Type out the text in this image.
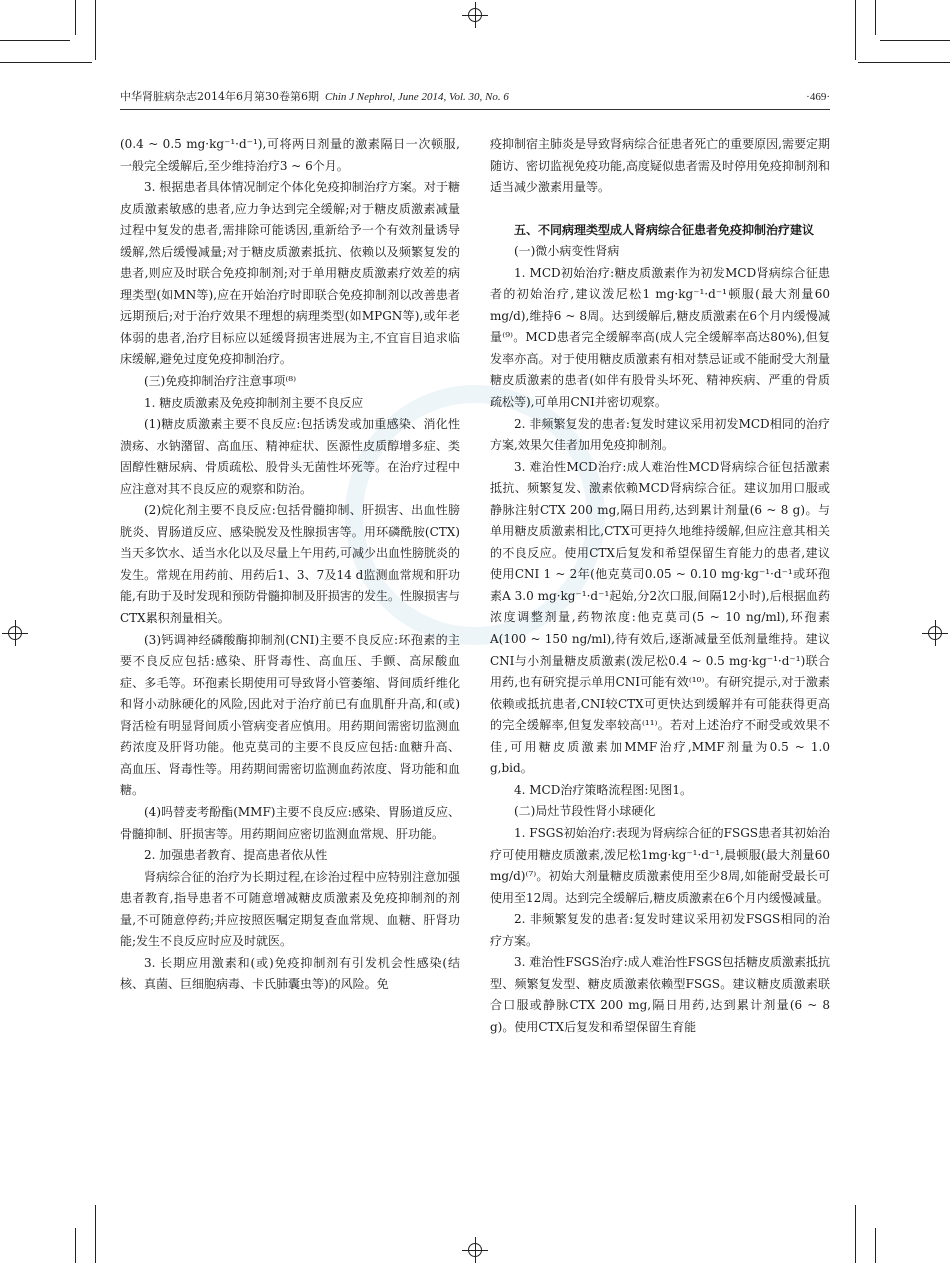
中华肾脏病杂志2014年6月第30卷第6期 Chin J Nephrol, June 2014, Vol. 30, No. 6	·469·

(0.4 ~ 0.5 mg·kg⁻¹·d⁻¹),可将两日剂量的激素隔日一次顿服,一般完全缓解后,至少维持治疗3 ~ 6个月。

3. 根据患者具体情况制定个体化免疫抑制治疗方案。对于糖皮质激素敏感的患者,应力争达到完全缓解;对于糖皮质激素减量过程中复发的患者,需排除可能诱因,重新给予一个有效剂量诱导缓解,然后缓慢减量;对于糖皮质激素抵抗、依赖以及频繁复发的患者,则应及时联合免疫抑制剂;对于单用糖皮质激素疗效差的病理类型(如MN等),应在开始治疗时即联合免疫抑制剂以改善患者远期预后;对于治疗效果不理想的病理类型(如MPGN等),或年老体弱的患者,治疗目标应以延缓肾损害进展为主,不宜盲目追求临床缓解,避免过度免疫抑制治疗。

(三)免疫抑制治疗注意事项⁽⁸⁾

1. 糖皮质激素及免疫抑制剂主要不良反应

(1)糖皮质激素主要不良反应:包括诱发或加重感染、消化性溃疡、水钠潴留、高血压、精神症状、医源性皮质醇增多症、类固醇性糖尿病、骨质疏松、股骨头无菌性坏死等。在治疗过程中应注意对其不良反应的观察和防治。

(2)烷化剂主要不良反应:包括骨髓抑制、肝损害、出血性膀胱炎、胃肠道反应、感染脱发及性腺损害等。用环磷酰胺(CTX)当天多饮水、适当水化以及尽量上午用药,可减少出血性膀胱炎的发生。常规在用药前、用药后1、3、7及14 d监测血常规和肝功能,有助于及时发现和预防骨髓抑制及肝损害的发生。性腺损害与CTX累积剂量相关。

(3)钙调神经磷酸酶抑制剂(CNI)主要不良反应:环孢素的主要不良反应包括:感染、肝肾毒性、高血压、手颤、高尿酸血症、多毛等。环孢素长期使用可导致肾小管萎缩、肾间质纤维化和肾小动脉硬化的风险,因此对于治疗前已有血肌酐升高,和(或)肾活检有明显肾间质小管病变者应慎用。用药期间需密切监测血药浓度及肝肾功能。他克莫司的主要不良反应包括:血糖升高、高血压、肾毒性等。用药期间需密切监测血药浓度、肾功能和血糖。

(4)吗替麦考酚酯(MMF)主要不良反应:感染、胃肠道反应、骨髓抑制、肝损害等。用药期间应密切监测血常规、肝功能。

2. 加强患者教育、提高患者依从性

肾病综合征的治疗为长期过程,在诊治过程中应特别注意加强患者教育,指导患者不可随意增减糖皮质激素及免疫抑制剂的剂量,不可随意停药;并应按照医嘱定期复查血常规、血糖、肝肾功能;发生不良反应时应及时就医。

3. 长期应用激素和(或)免疫抑制剂有引发机会性感染(结核、真菌、巨细胞病毒、卡氏肺囊虫等)的风险。免

疫抑制宿主肺炎是导致肾病综合征患者死亡的重要原因,需要定期随访、密切监视免疫功能,高度疑似患者需及时停用免疫抑制剂和适当减少激素用量等。

五、不同病理类型成人肾病综合征患者免疫抑制治疗建议

(一)微小病变性肾病

1. MCD初始治疗:糖皮质激素作为初发MCD肾病综合征患者的初始治疗,建议泼尼松1 mg·kg⁻¹·d⁻¹顿服(最大剂量60 mg/d),维持6 ~ 8周。达到缓解后,糖皮质激素在6个月内缓慢减量⁽⁹⁾。MCD患者完全缓解率高(成人完全缓解率高达80%),但复发率亦高。对于使用糖皮质激素有相对禁忌证或不能耐受大剂量糖皮质激素的患者(如伴有股骨头坏死、精神疾病、严重的骨质疏松等),可单用CNI并密切观察。

2. 非频繁复发的患者:复发时建议采用初发MCD相同的治疗方案,效果欠佳者加用免疫抑制剂。

3. 难治性MCD治疗:成人难治性MCD肾病综合征包括激素抵抗、频繁复发、激素依赖MCD肾病综合征。建议加用口服或静脉注射CTX 200 mg,隔日用药,达到累计剂量(6 ~ 8 g)。与单用糖皮质激素相比,CTX可更持久地维持缓解,但应注意其相关的不良反应。使用CTX后复发和希望保留生育能力的患者,建议使用CNI 1 ~ 2年(他克莫司0.05 ~ 0.10 mg·kg⁻¹·d⁻¹或环孢素A 3.0 mg·kg⁻¹·d⁻¹起始,分2次口服,间隔12小时),后根据血药浓度调整剂量,药物浓度:他克莫司(5 ~ 10 ng/ml),环孢素A(100 ~ 150 ng/ml),待有效后,逐渐减量至低剂量维持。建议CNI与小剂量糖皮质激素(泼尼松0.4 ~ 0.5 mg·kg⁻¹·d⁻¹)联合用药,也有研究提示单用CNI可能有效⁽¹⁰⁾。有研究提示,对于激素依赖或抵抗患者,CNI较CTX可更快达到缓解并有可能获得更高的完全缓解率,但复发率较高⁽¹¹⁾。若对上述治疗不耐受或效果不佳,可用糖皮质激素加MMF治疗,MMF剂量为0.5 ~ 1.0 g,bid。

4. MCD治疗策略流程图:见图1。

(二)局灶节段性肾小球硬化

1. FSGS初始治疗:表现为肾病综合征的FSGS患者其初始治疗可使用糖皮质激素,泼尼松1mg·kg⁻¹·d⁻¹,晨顿服(最大剂量60 mg/d)⁽⁷⁾。初始大剂量糖皮质激素使用至少8周,如能耐受最长可使用至12周。达到完全缓解后,糖皮质激素在6个月内缓慢减量。

2. 非频繁复发的患者:复发时建议采用初发FSGS相同的治疗方案。

3. 难治性FSGS治疗:成人难治性FSGS包括糖皮质激素抵抗型、频繁复发型、糖皮质激素依赖型FSGS。建议糖皮质激素联合口服或静脉CTX 200 mg,隔日用药,达到累计剂量(6 ~ 8 g)。使用CTX后复发和希望保留生育能
